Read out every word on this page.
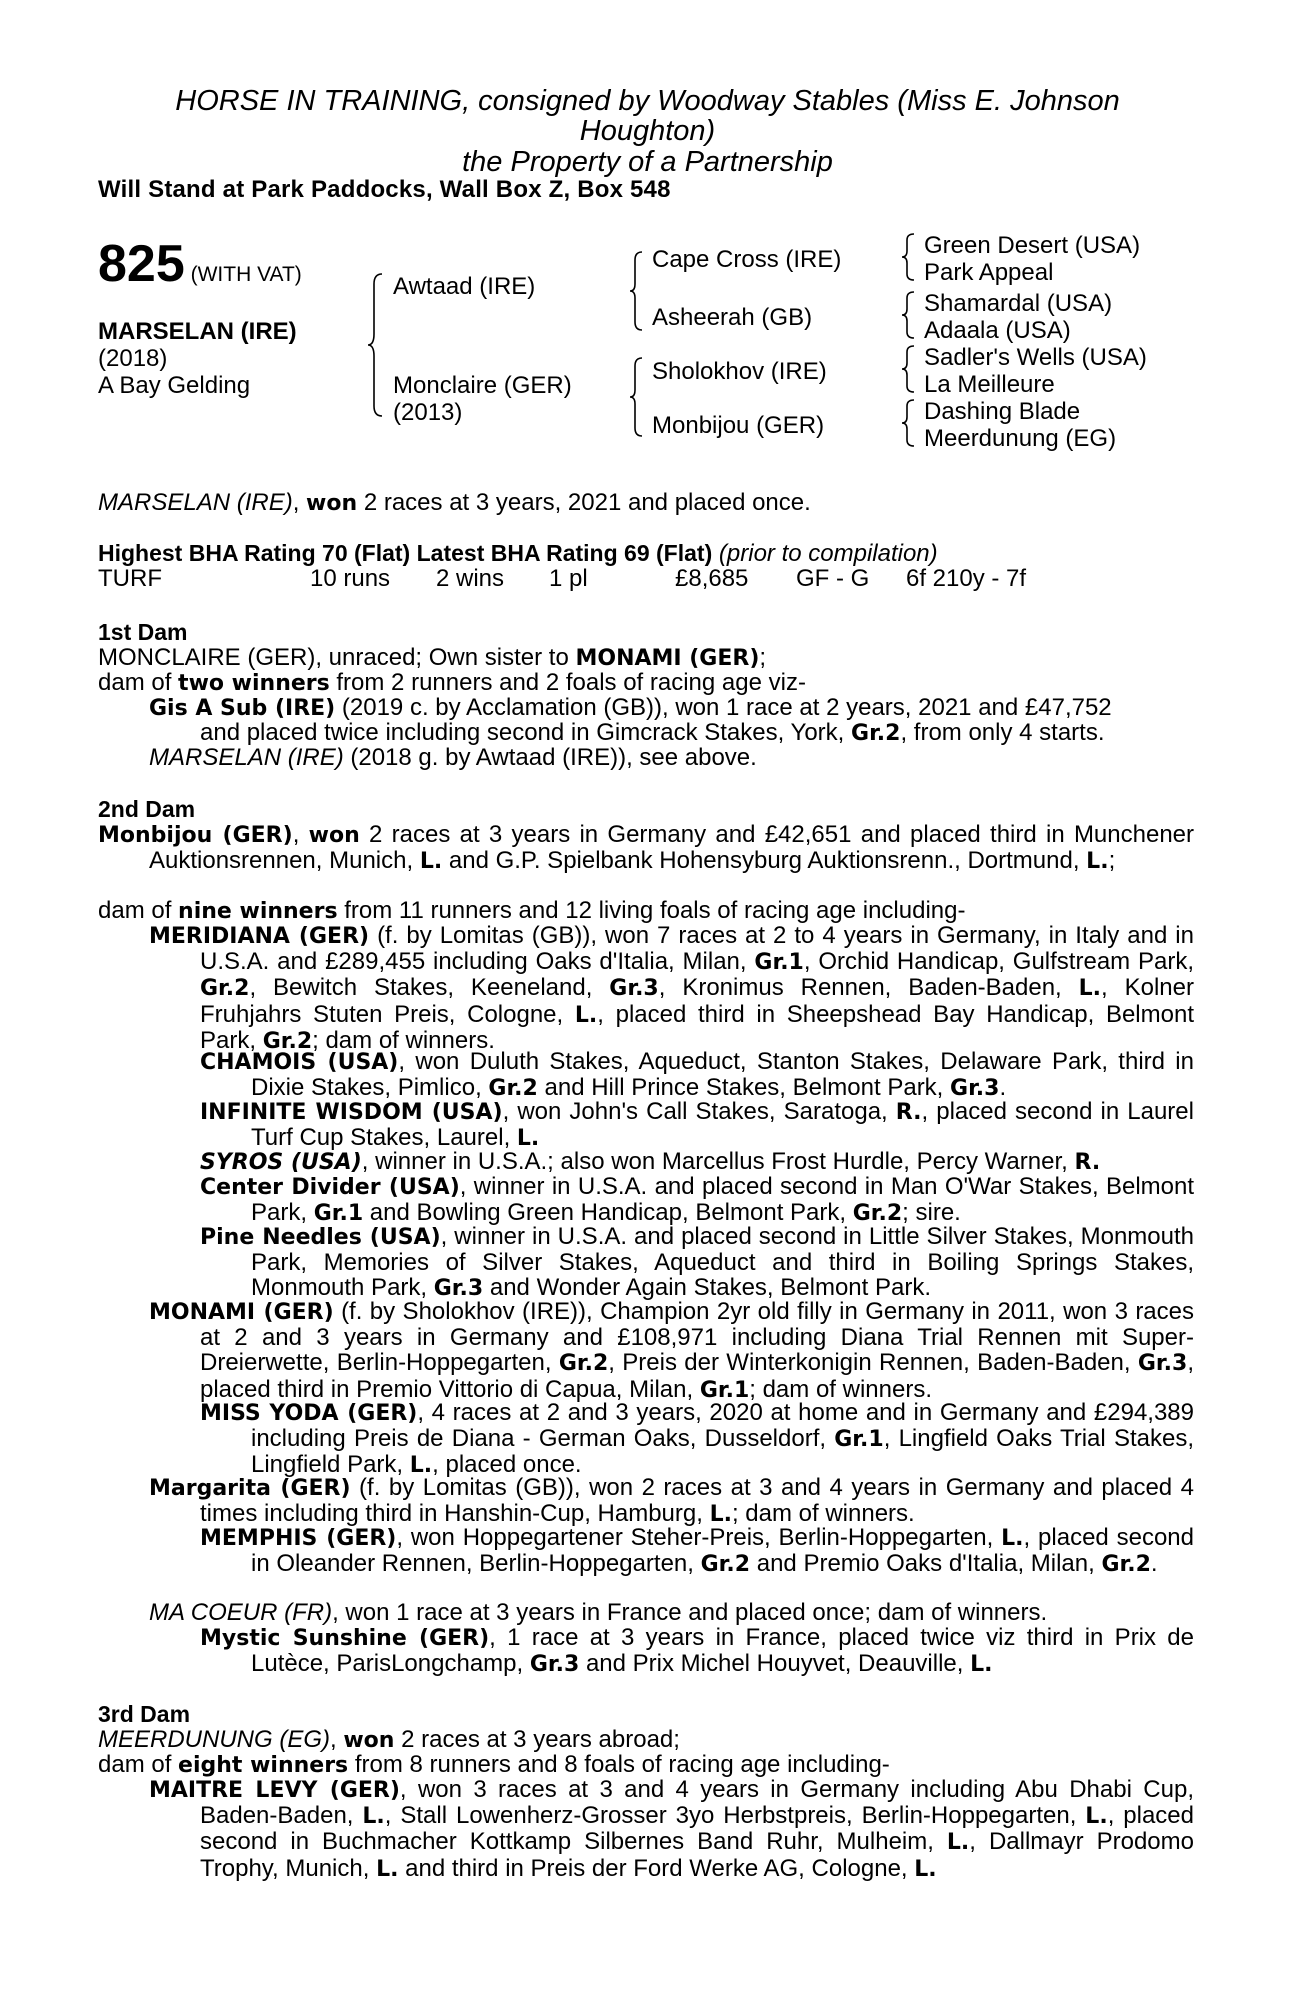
HORSE IN TRAINING, consigned by Woodway Stables (Miss E. Johnson
Houghton)
the Property of a Partnership
Will Stand at Park Paddocks, Wall Box Z, Box 548
825 (WITH VAT)
MARSELAN (IRE)
(2018)
A Bay Gelding
Awtaad (IRE)
Monclaire (GER)
(2013)
Cape Cross (IRE)
Asheerah (GB)
Sholokhov (IRE)
Monbijou (GER)
Green Desert (USA)
Park Appeal
Shamardal (USA)
Adaala (USA)
Sadler's Wells (USA)
La Meilleure
Dashing Blade
Meerdunung (EG)
MARSELAN (IRE), won 2 races at 3 years, 2021 and placed once.
Highest BHA Rating 70 (Flat) Latest BHA Rating 69 (Flat) (prior to compilation)
TURF	10 runs 2 wins 1 pl	£8,685 GF - G 6f 210y - 7f
1st Dam
MONCLAIRE (GER), unraced; Own sister to MONAMI (GER);
dam of two winners from 2 runners and 2 foals of racing age viz-
Gis A Sub (IRE) (2019 c. by Acclamation (GB)), won 1 race at 2 years, 2021 and £47,752
and placed twice including second in Gimcrack Stakes, York, Gr.2, from only 4 starts.
MARSELAN (IRE) (2018 g. by Awtaad (IRE)), see above.
2nd Dam
Monbijou (GER), won 2 races at 3 years in Germany and £42,651 and placed third in Munchener Auktionsrennen, Munich, L. and G.P. Spielbank Hohensyburg Auktionsrenn., Dortmund, L.;
dam of nine winners from 11 runners and 12 living foals of racing age including-
MERIDIANA (GER) (f. by Lomitas (GB)), won 7 races at 2 to 4 years in Germany, in Italy and in U.S.A. and £289,455 including Oaks d'Italia, Milan, Gr.1, Orchid Handicap, Gulfstream Park, Gr.2, Bewitch Stakes, Keeneland, Gr.3, Kronimus Rennen, Baden-Baden, L., Kolner Fruhjahrs Stuten Preis, Cologne, L., placed third in Sheepshead Bay Handicap, Belmont Park, Gr.2; dam of winners.
CHAMOIS (USA), won Duluth Stakes, Aqueduct, Stanton Stakes, Delaware Park, third in Dixie Stakes, Pimlico, Gr.2 and Hill Prince Stakes, Belmont Park, Gr.3.
INFINITE WISDOM (USA), won John's Call Stakes, Saratoga, R., placed second in Laurel Turf Cup Stakes, Laurel, L.
SYROS (USA), winner in U.S.A.; also won Marcellus Frost Hurdle, Percy Warner, R.
Center Divider (USA), winner in U.S.A. and placed second in Man O'War Stakes, Belmont Park, Gr.1 and Bowling Green Handicap, Belmont Park, Gr.2; sire.
Pine Needles (USA), winner in U.S.A. and placed second in Little Silver Stakes, Monmouth Park, Memories of Silver Stakes, Aqueduct and third in Boiling Springs Stakes, Monmouth Park, Gr.3 and Wonder Again Stakes, Belmont Park.
MONAMI (GER) (f. by Sholokhov (IRE)), Champion 2yr old filly in Germany in 2011, won 3 races at 2 and 3 years in Germany and £108,971 including Diana Trial Rennen mit Super-Dreierwette, Berlin-Hoppegarten, Gr.2, Preis der Winterkonigin Rennen, Baden-Baden, Gr.3, placed third in Premio Vittorio di Capua, Milan, Gr.1; dam of winners.
MISS YODA (GER), 4 races at 2 and 3 years, 2020 at home and in Germany and £294,389 including Preis de Diana - German Oaks, Dusseldorf, Gr.1, Lingfield Oaks Trial Stakes, Lingfield Park, L., placed once.
Margarita (GER) (f. by Lomitas (GB)), won 2 races at 3 and 4 years in Germany and placed 4 times including third in Hanshin-Cup, Hamburg, L.; dam of winners.
MEMPHIS (GER), won Hoppegartener Steher-Preis, Berlin-Hoppegarten, L., placed second in Oleander Rennen, Berlin-Hoppegarten, Gr.2 and Premio Oaks d'Italia, Milan, Gr.2.
MA COEUR (FR), won 1 race at 3 years in France and placed once; dam of winners.
Mystic Sunshine (GER), 1 race at 3 years in France, placed twice viz third in Prix de Lutèce, ParisLongchamp, Gr.3 and Prix Michel Houyvet, Deauville, L.
3rd Dam
MEERDUNUNG (EG), won 2 races at 3 years abroad;
dam of eight winners from 8 runners and 8 foals of racing age including-
MAITRE LEVY (GER), won 3 races at 3 and 4 years in Germany including Abu Dhabi Cup, Baden-Baden, L., Stall Lowenherz-Grosser 3yo Herbstpreis, Berlin-Hoppegarten, L., placed second in Buchmacher Kottkamp Silbernes Band Ruhr, Mulheim, L., Dallmayr Prodomo Trophy, Munich, L. and third in Preis der Ford Werke AG, Cologne, L.
